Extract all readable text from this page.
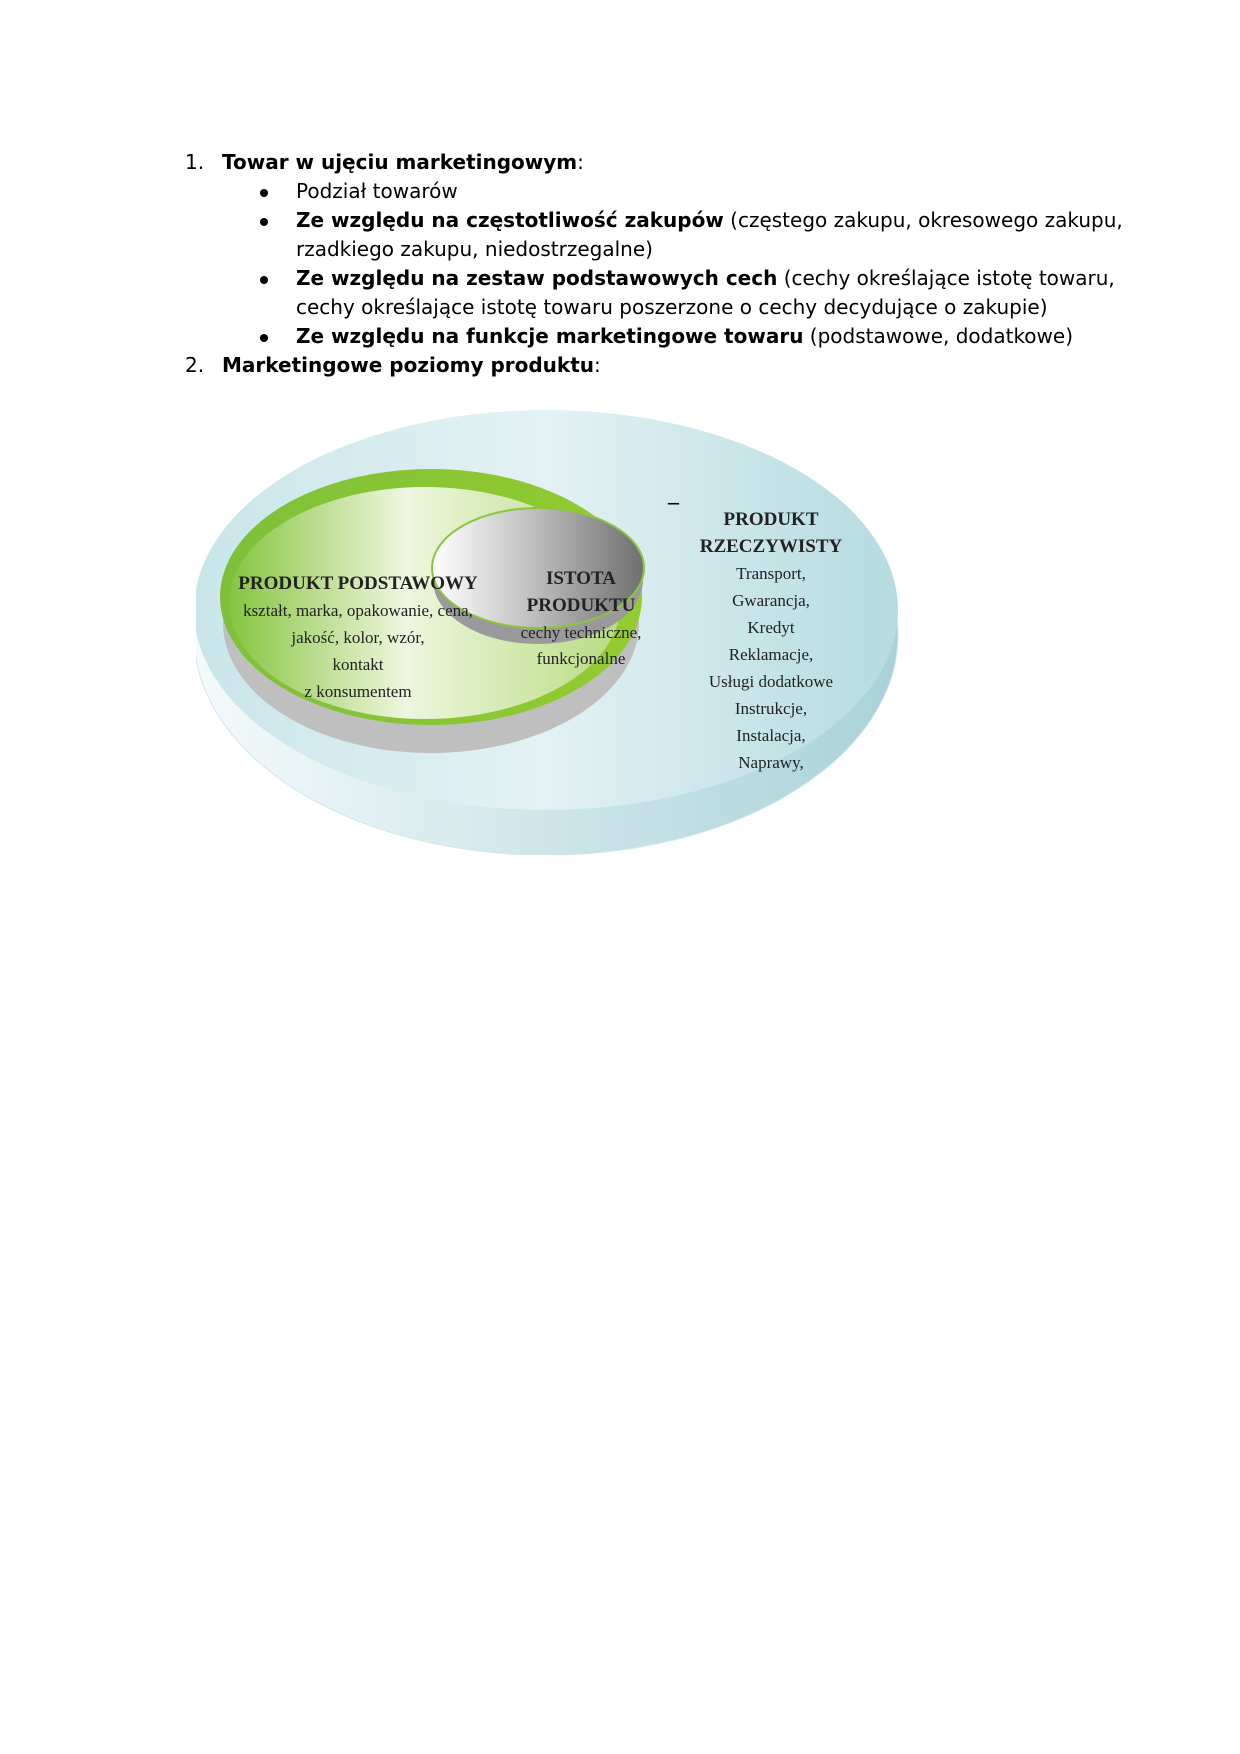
1. Towar w ujęciu marketingowym:
Podział towarów
Ze względu na częstotliwość zakupów (częstego zakupu, okresowego zakupu,
rzadkiego zakupu, niedostrzegalne)
Ze względu na zestaw podstawowych cech (cechy określające istotę towaru,
cechy określające istotę towaru poszerzone o cechy decydujące o zakupie)
Ze względu na funkcje marketingowe towaru (podstawowe, dodatkowe)
2. Marketingowe poziomy produktu:
–
ISTOTA
PRODUKTU
cechy techniczne,
funkcjonalne
PRODUKT PODSTAWOWY
kształt, marka, opakowanie, cena,
jakość, kolor, wzór,
kontakt
z konsumentem
PRODUKT
RZECZYWISTY
Transport,
Gwarancja,
Kredyt
Reklamacje,
Usługi dodatkowe
Instrukcje,
Instalacja,
Naprawy,
